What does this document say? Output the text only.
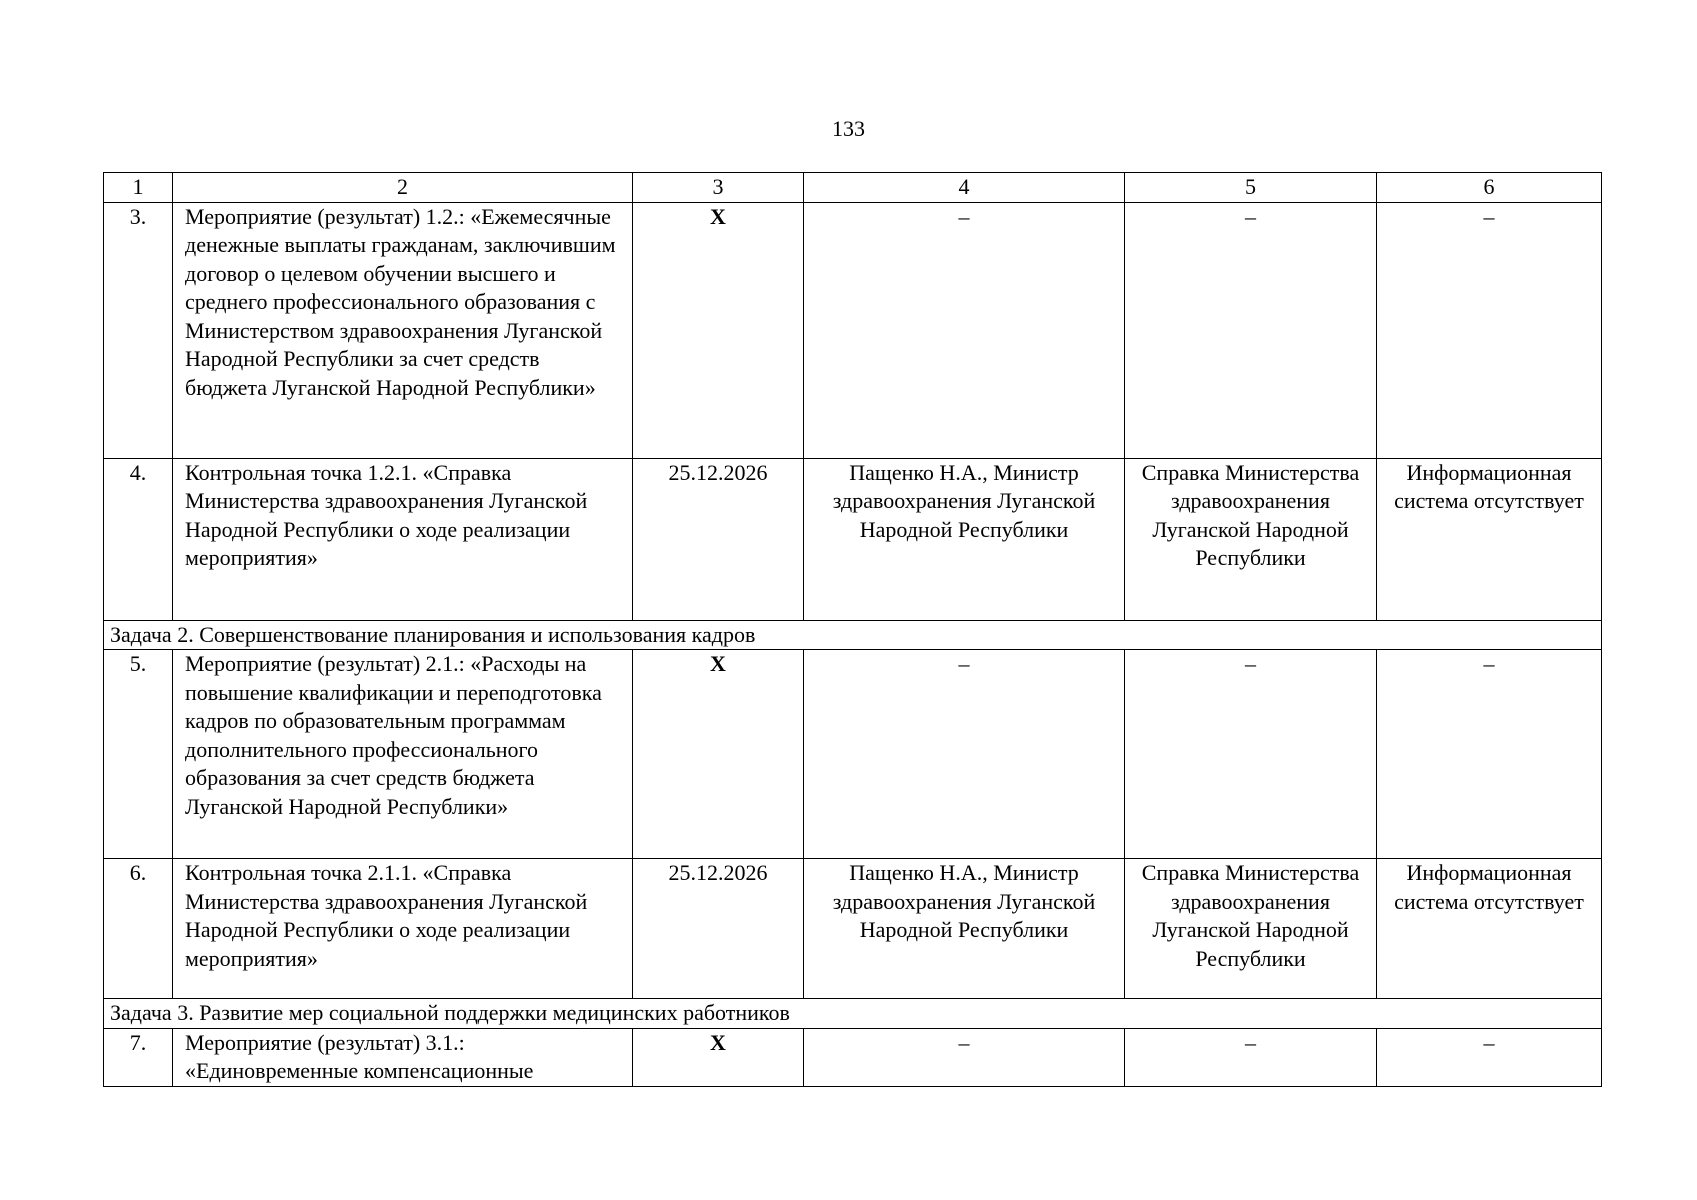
133
1	2	3	4	5	6
3.	Мероприятие (результат) 1.2.: «Ежемесячные денежные выплаты гражданам, заключившим договор о целевом обучении высшего и среднего профессионального образования с Министерством здравоохранения Луганской Народной Республики за счет средств бюджета Луганской Народной Республики»	X	–	–	–
4.	Контрольная точка 1.2.1. «Справка Министерства здравоохранения Луганской Народной Республики о ходе реализации мероприятия»	25.12.2026	Пащенко Н.А., Министр здравоохранения Луганской Народной Республики	Справка Министерства здравоохранения Луганской Народной Республики	Информационная система отсутствует
Задача 2. Совершенствование планирования и использования кадров					
5.	Мероприятие (результат) 2.1.: «Расходы на повышение квалификации и переподготовка кадров по образовательным программам дополнительного профессионального образования за счет средств бюджета Луганской Народной Республики»	X	–	–	–
6.	Контрольная точка 2.1.1. «Справка Министерства здравоохранения Луганской Народной Республики о ходе реализации мероприятия»	25.12.2026	Пащенко Н.А., Министр здравоохранения Луганской Народной Республики	Справка Министерства здравоохранения Луганской Народной Республики	Информационная система отсутствует
Задача 3. Развитие мер социальной поддержки медицинских работников					
7.	Мероприятие (результат) 3.1.: «Единовременные компенсационные	X	–	–	–
